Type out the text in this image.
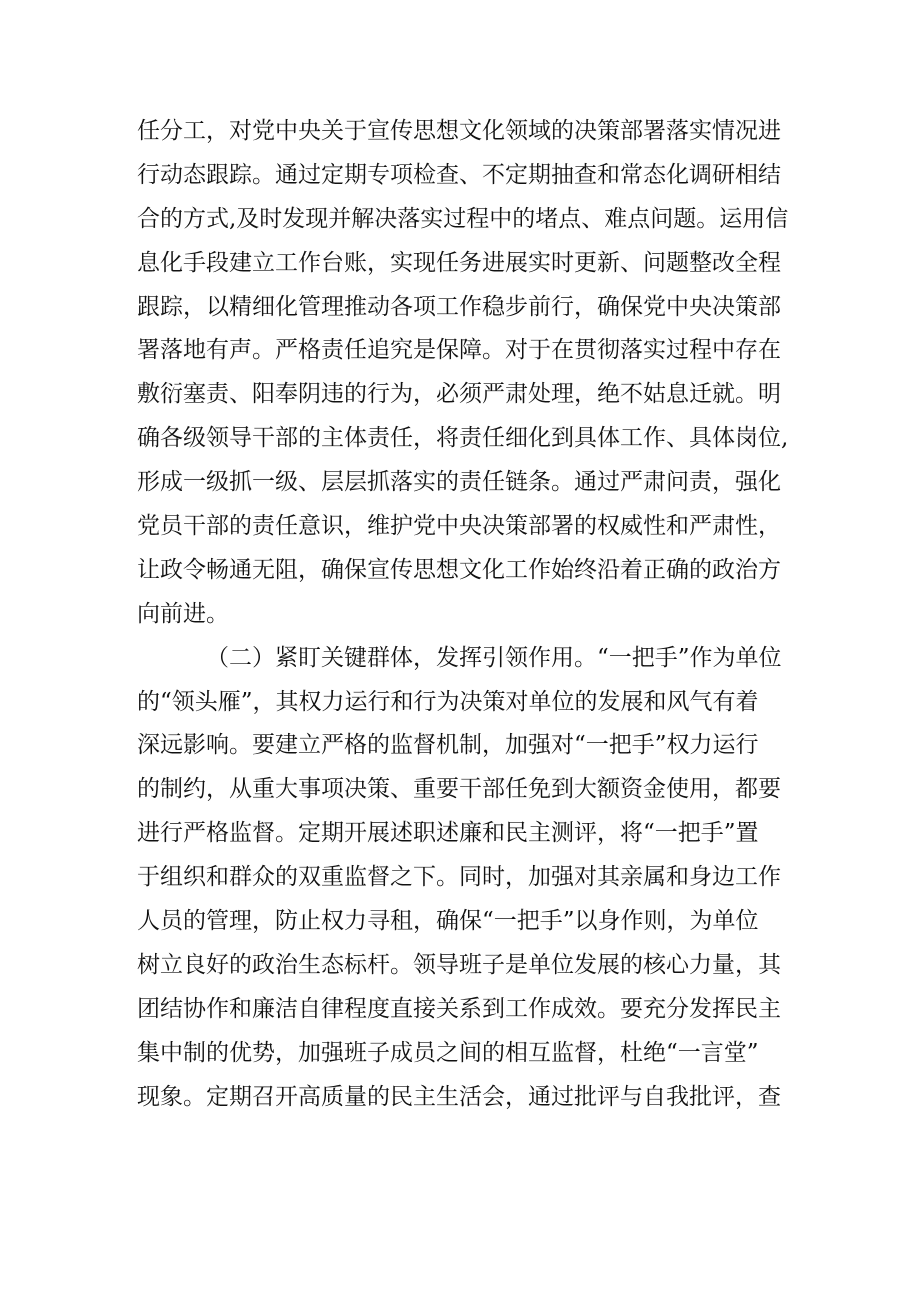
任分工，对党中央关于宣传思想文化领域的决策部署落实情况进
行动态跟踪。通过定期专项检查、不定期抽查和常态化调研相结
合的方式,及时发现并解决落实过程中的堵点、难点问题。运用信
息化手段建立工作台账，实现任务进展实时更新、问题整改全程
跟踪，以精细化管理推动各项工作稳步前行，确保党中央决策部
署落地有声。严格责任追究是保障。对于在贯彻落实过程中存在
敷衍塞责、阳奉阴违的行为，必须严肃处理，绝不姑息迁就。明
确各级领导干部的主体责任，将责任细化到具体工作、具体岗位,
形成一级抓一级、层层抓落实的责任链条。通过严肃问责，强化
党员干部的责任意识，维护党中央决策部署的权威性和严肃性，
让政令畅通无阻，确保宣传思想文化工作始终沿着正确的政治方
向前进。
（二）紧盯关键群体，发挥引领作用。“一把手”作为单位
的“领头雁”，其权力运行和行为决策对单位的发展和风气有着
深远影响。要建立严格的监督机制，加强对“一把手”权力运行
的制约，从重大事项决策、重要干部任免到大额资金使用，都要
进行严格监督。定期开展述职述廉和民主测评，将“一把手”置
于组织和群众的双重监督之下。同时，加强对其亲属和身边工作
人员的管理，防止权力寻租，确保“一把手”以身作则，为单位
树立良好的政治生态标杆。领导班子是单位发展的核心力量，其
团结协作和廉洁自律程度直接关系到工作成效。要充分发挥民主
集中制的优势，加强班子成员之间的相互监督，杜绝“一言堂”
现象。定期召开高质量的民主生活会，通过批评与自我批评，查
